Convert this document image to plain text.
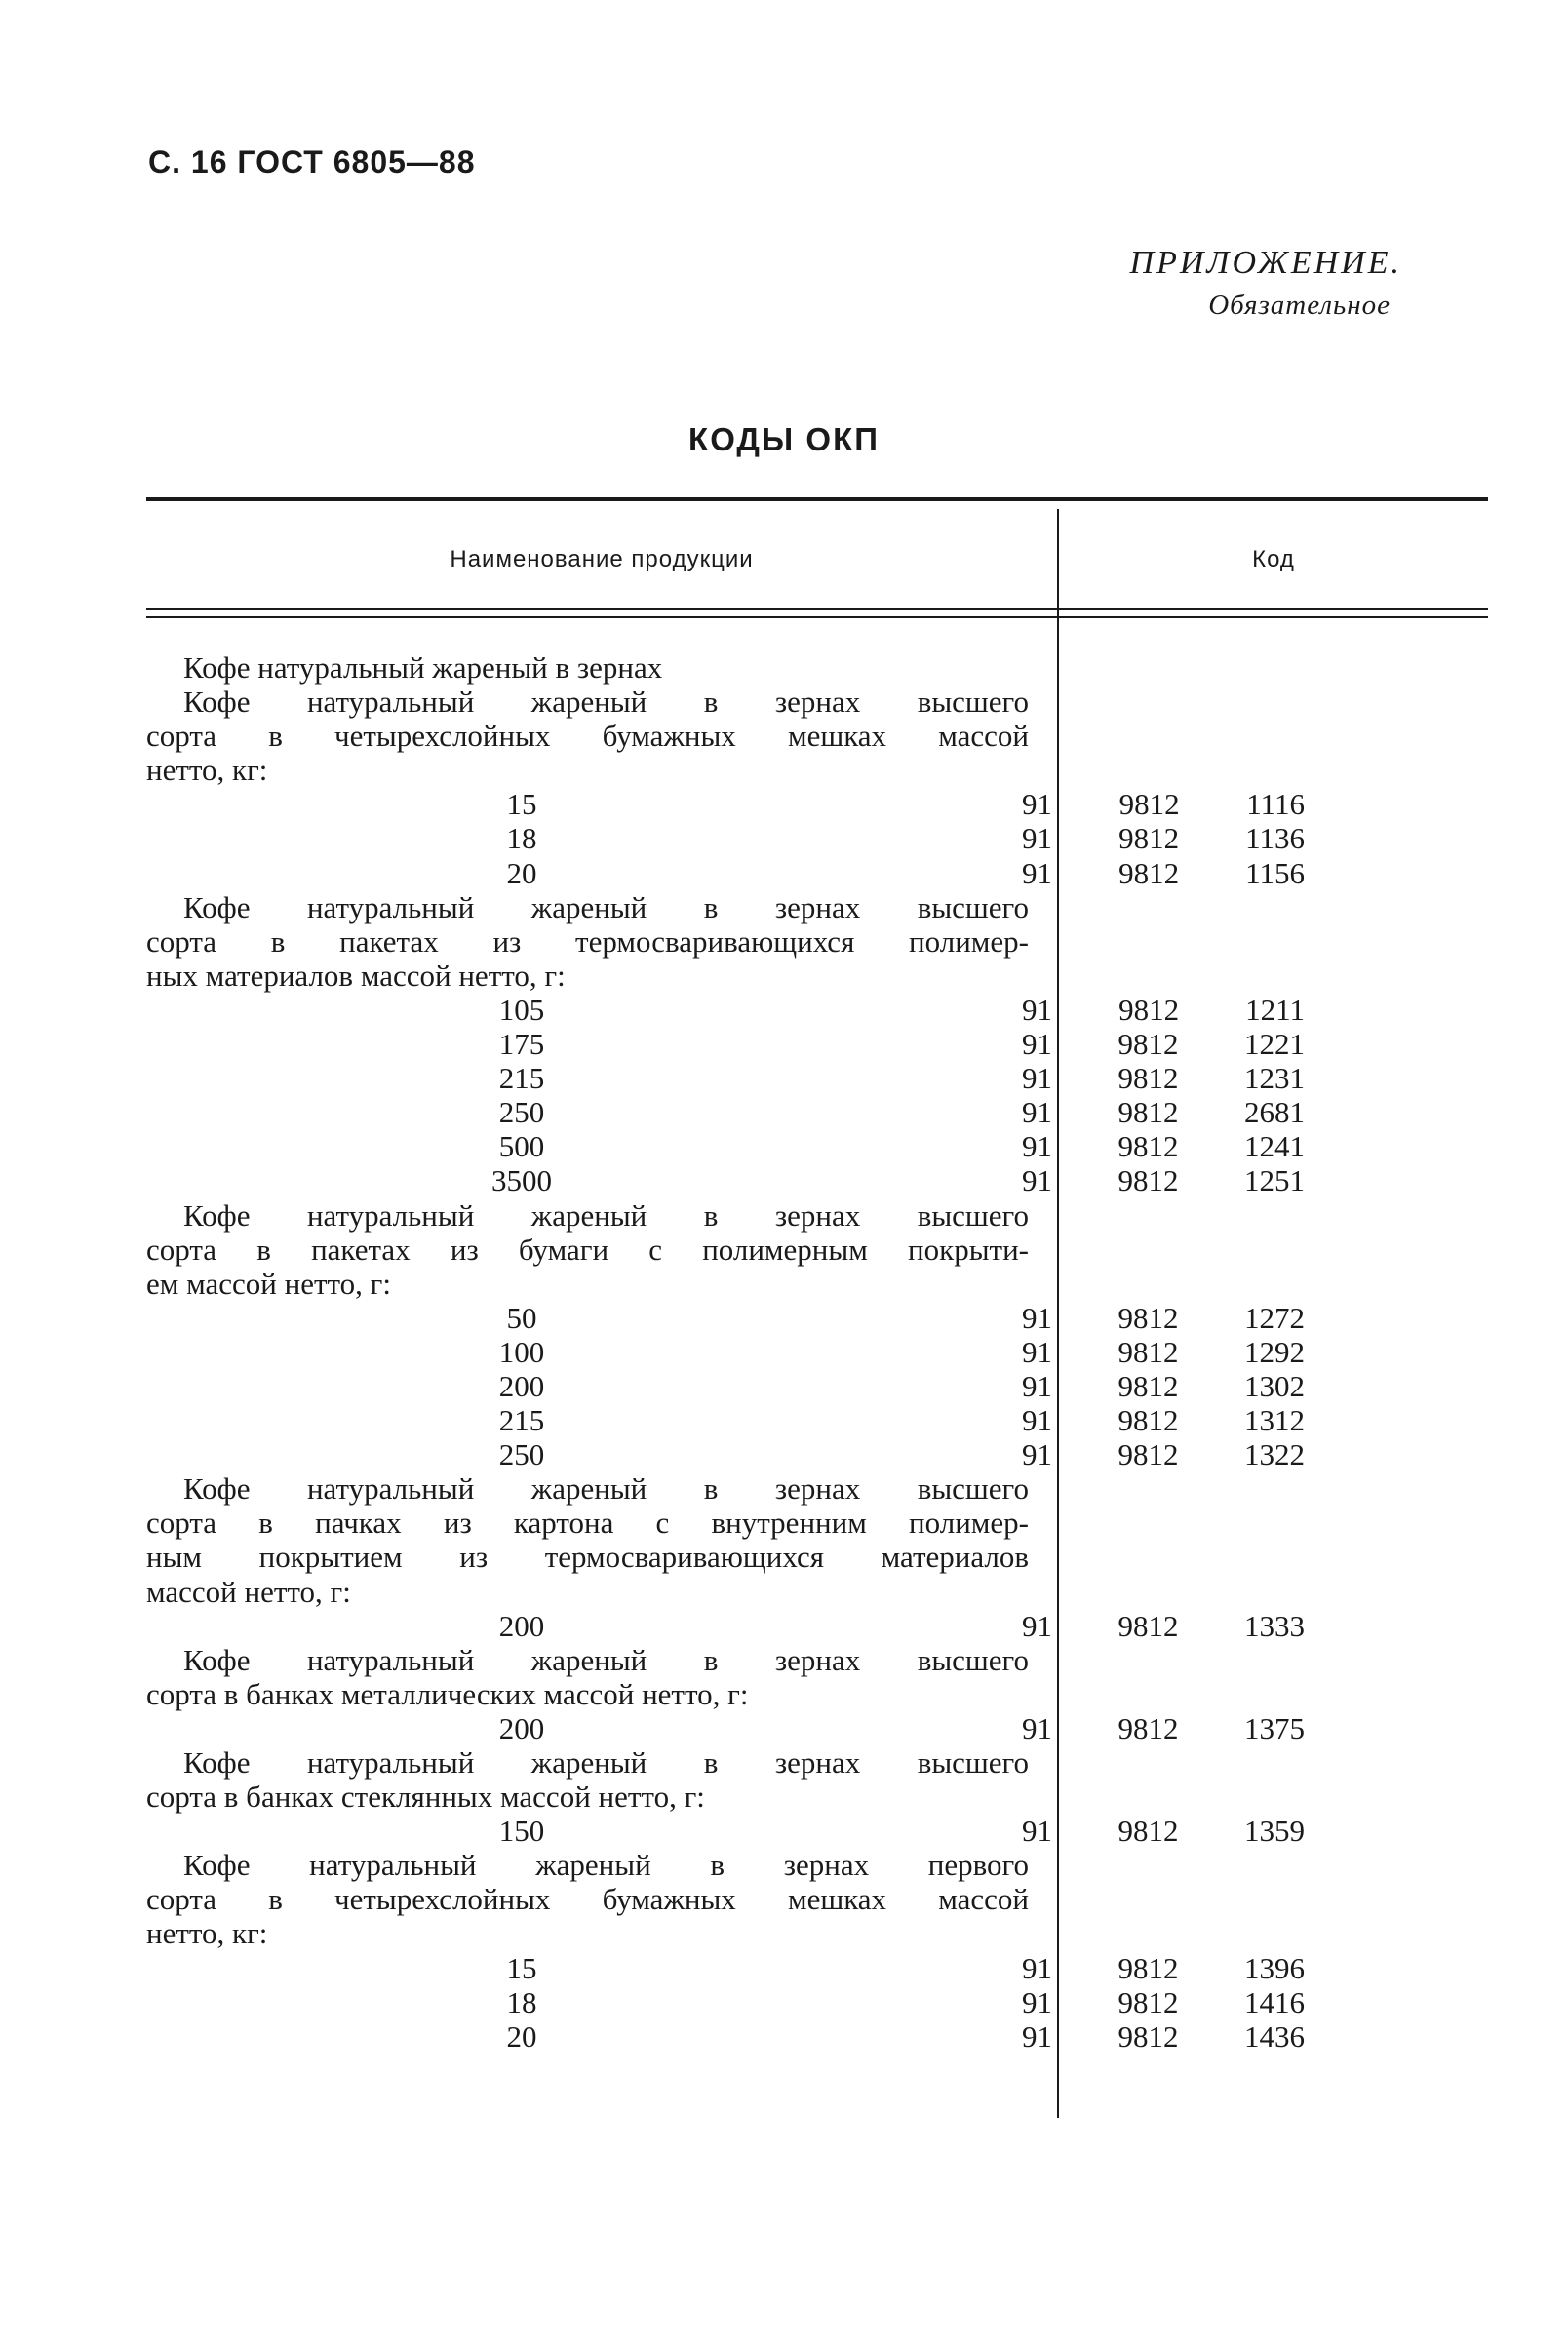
С. 16 ГОСТ 6805—88
ПРИЛОЖЕНИЕ.
Обязательное
КОДЫ ОКП
Наименование продукции	Код
Кофе натуральный жареный в зернах
Кофе натуральный жареный в зернах высшего
сорта в четырехслойных бумажных мешках массой
нетто, кг:
15	91 9812 1116
18	91 9812 1136
20	91 9812 1156
Кофе натуральный жареный в зернах высшего
сорта в пакетах из термосваривающихся полимер-
ных материалов массой нетто, г:
105	91 9812 1211
175	91 9812 1221
215	91 9812 1231
250	91 9812 2681
500	91 9812 1241
3500	91 9812 1251
Кофе натуральный жареный в зернах высшего
сорта в пакетах из бумаги с полимерным покрыти-
ем массой нетто, г:
50	91 9812 1272
100	91 9812 1292
200	91 9812 1302
215	91 9812 1312
250	91 9812 1322
Кофе натуральный жареный в зернах высшего
сорта в пачках из картона с внутренним полимер-
ным покрытием из термосваривающихся материалов
массой нетто, г:
200	91 9812 1333
Кофе натуральный жареный в зернах высшего
сорта в банках металлических массой нетто, г:
200	91 9812 1375
Кофе натуральный жареный в зернах высшего
сорта в банках стеклянных массой нетто, г:
150	91 9812 1359
Кофе натуральный жареный в зернах первого
сорта в четырехслойных бумажных мешках массой
нетто, кг:
15	91 9812 1396
18	91 9812 1416
20	91 9812 1436
